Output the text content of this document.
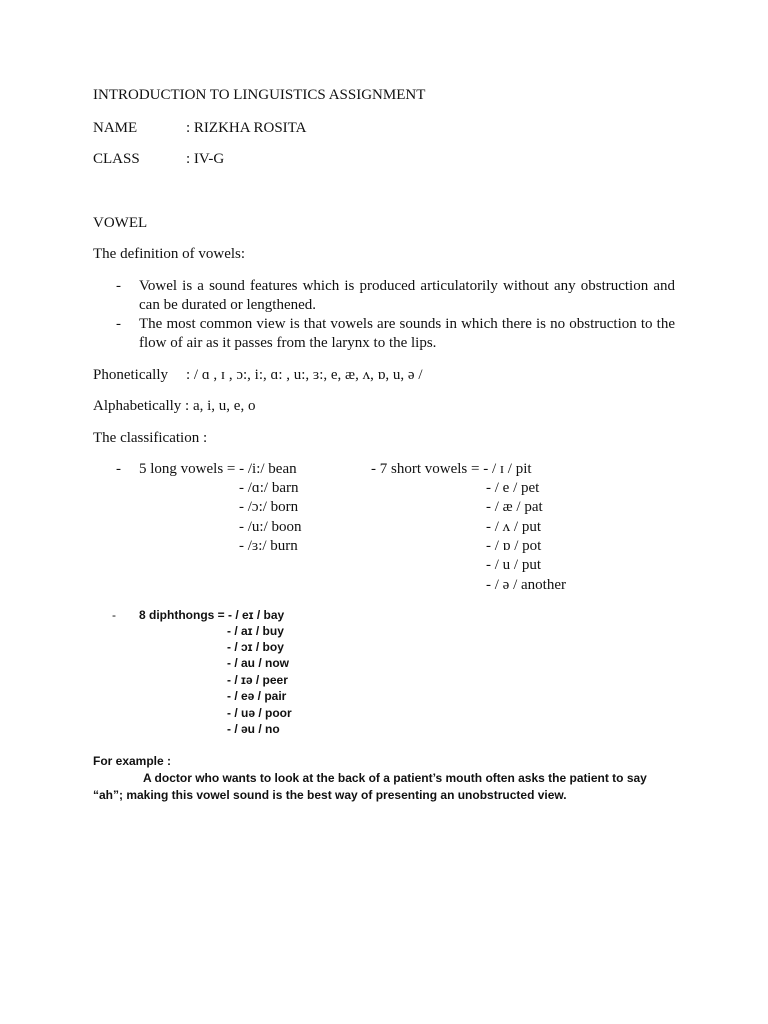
INTRODUCTION TO LINGUISTICS ASSIGNMENT
NAME	: RIZKHA ROSITA
CLASS	: IV-G
VOWEL
The definition of vowels:
- Vowel is a sound features which is produced articulatorily without any obstruction and can be durated or lengthened.
- The most common view is that vowels are sounds in which there is no obstruction to the flow of air as it passes from the larynx to the lips.
Phonetically : / ɑ , ɪ , ɔ:, i:, ɑ: , u:, ɜ:, e, æ, ʌ, ɒ, u, ə /
Alphabetically : a, i, u, e, o
The classification :
- 5 long vowels = - /i:/ bean
- /ɑ:/ barn
- /ɔ:/ born
- /u:/ boon
- /ɜ:/ burn
- 7 short vowels = - / ɪ / pit
- / e / pet
- / æ / pat
- / ʌ / put
- / ɒ / pot
- / u / put
- / ə / another
- 8 diphthongs = - / eɪ / bay
- / aɪ / buy
- / ɔɪ / boy
- / au / now
- / ɪə / peer
- / eə / pair
- / uə / poor
- / əu / no
For example :
A doctor who wants to look at the back of a patient’s mouth often asks the patient to say
“ah”; making this vowel sound is the best way of presenting an unobstructed view.
